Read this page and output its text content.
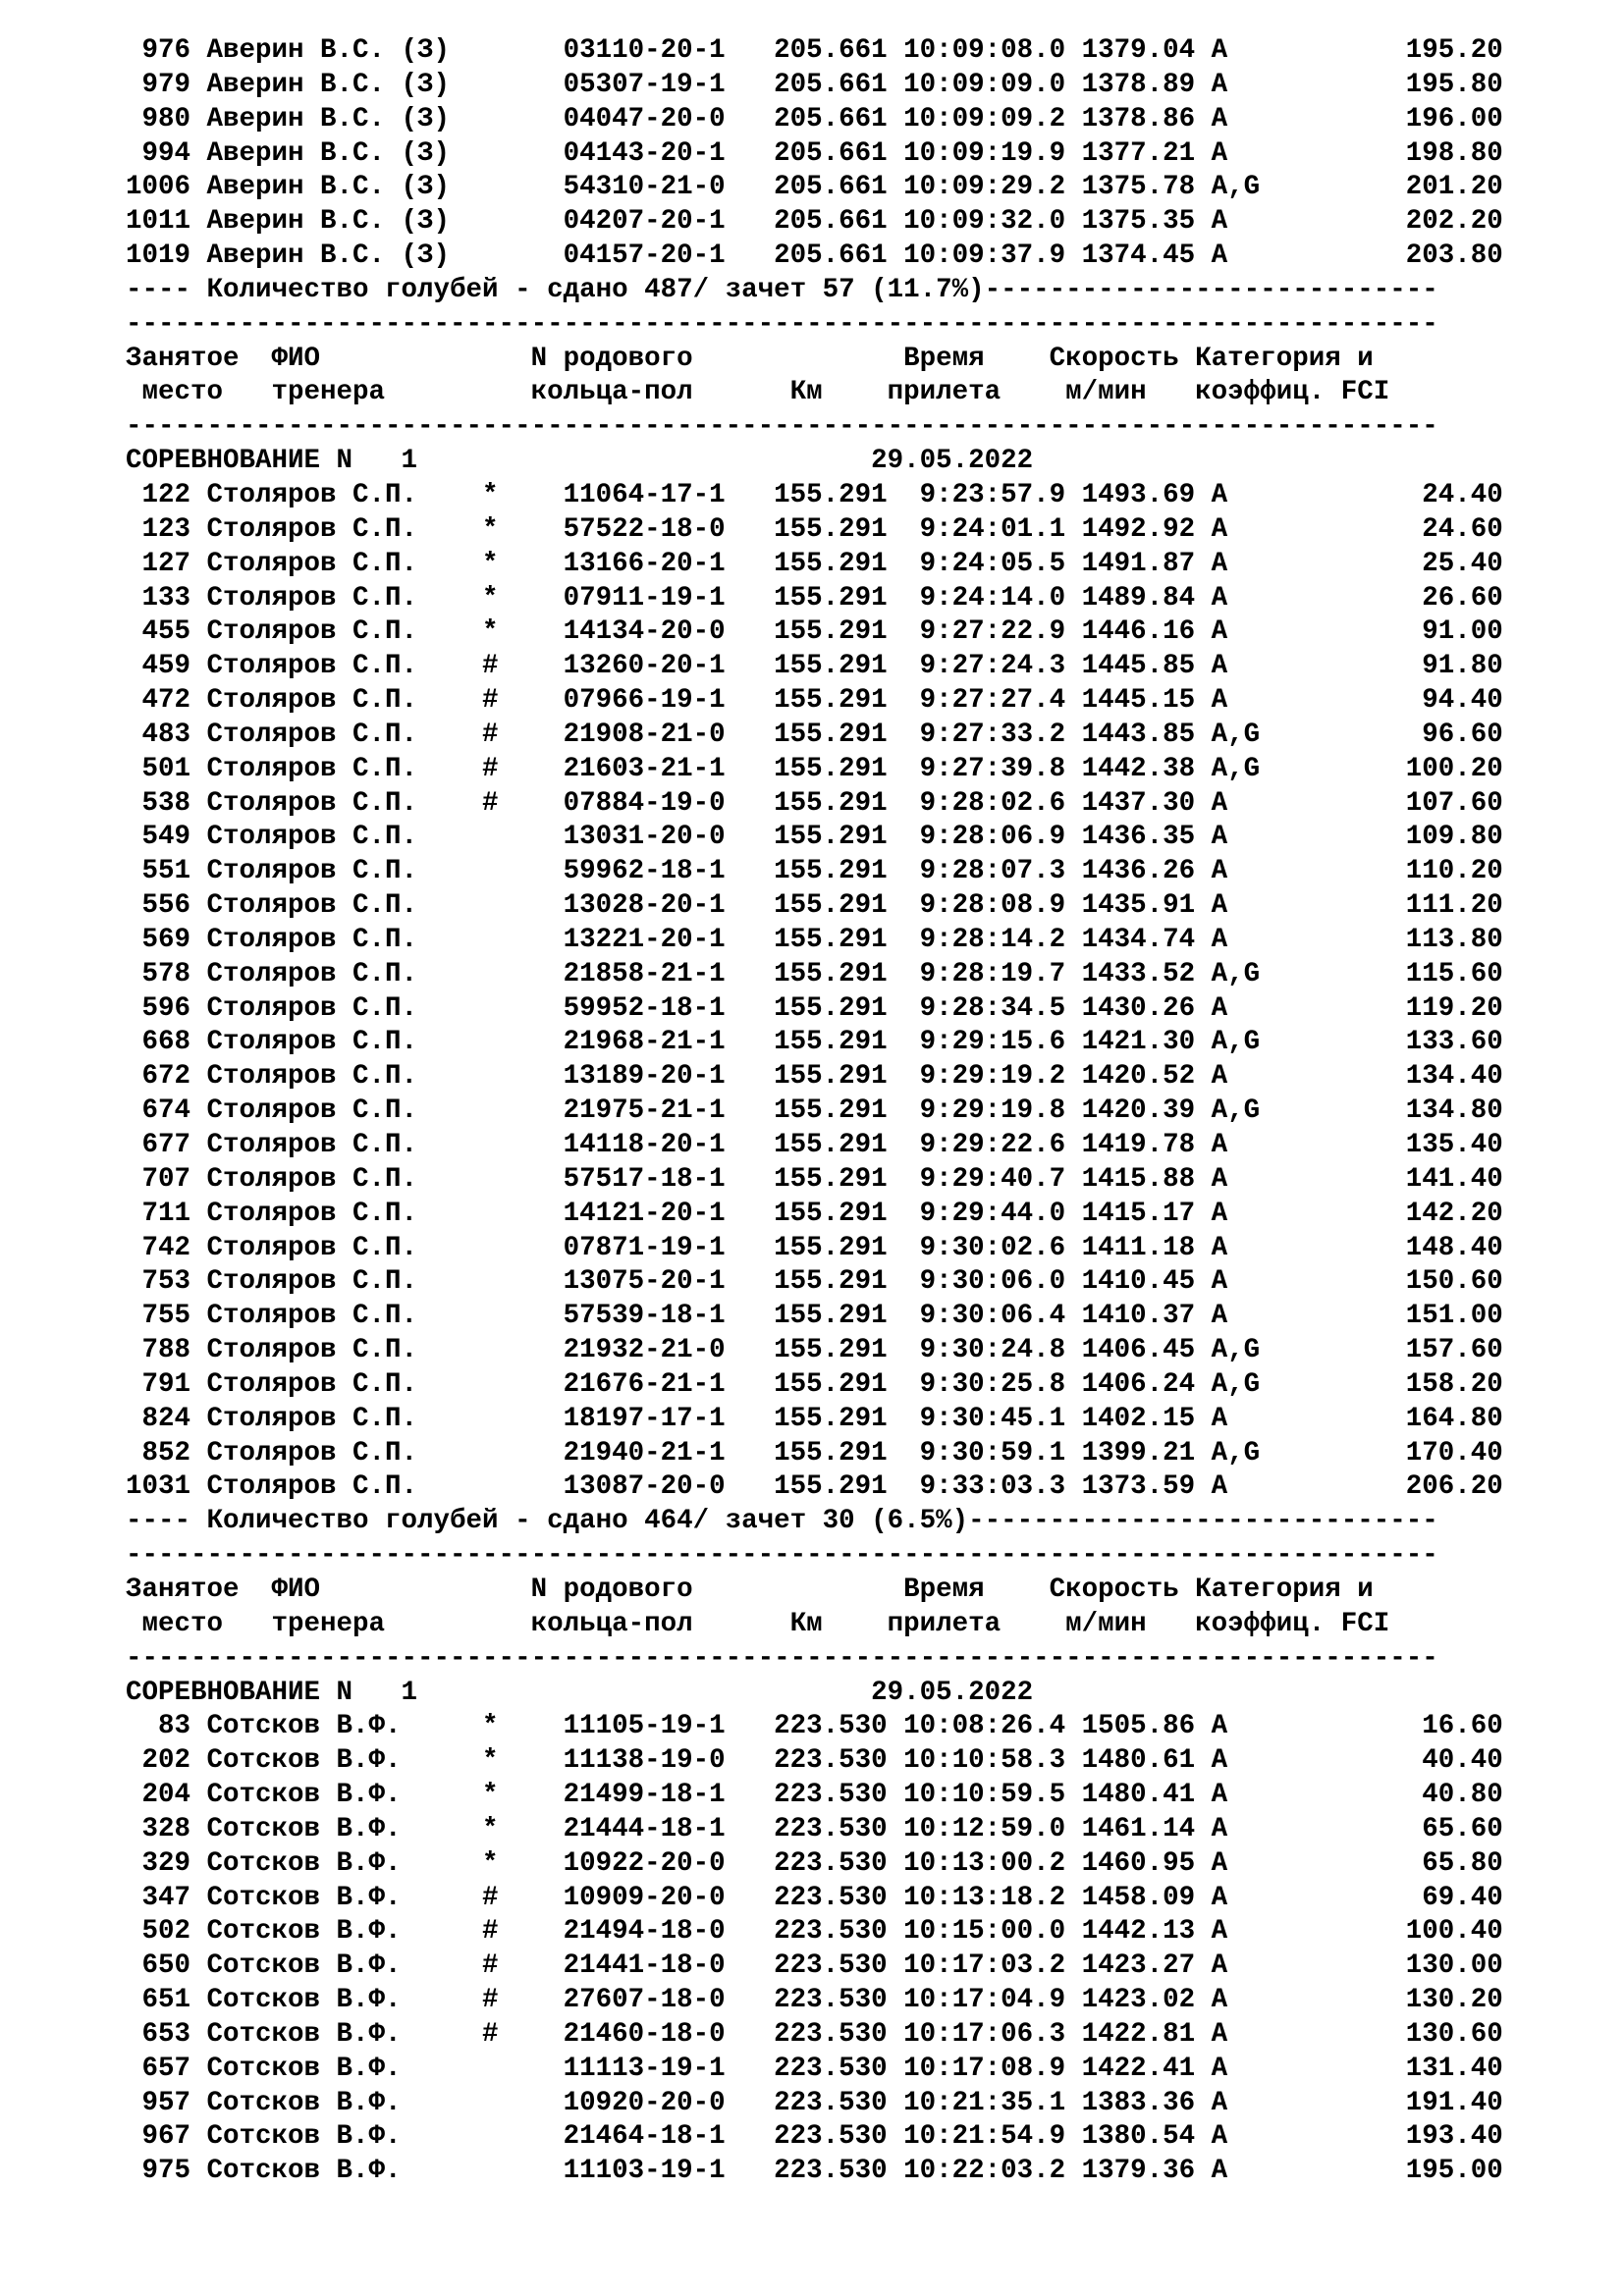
976 Аверин В.С. (З)       03110-20-1   205.661 10:09:08.0 1379.04 A           195.20
979 Аверин В.С. (З)       05307-19-1   205.661 10:09:09.0 1378.89 A           195.80
980 Аверин В.С. (З)       04047-20-0   205.661 10:09:09.2 1378.86 A           196.00
994 Аверин В.С. (З)       04143-20-1   205.661 10:09:19.9 1377.21 A           198.80
1006 Аверин В.С. (З)       54310-21-0   205.661 10:09:29.2 1375.78 A,G         201.20
1011 Аверин В.С. (З)       04207-20-1   205.661 10:09:32.0 1375.35 A           202.20
1019 Аверин В.С. (З)       04157-20-1   205.661 10:09:37.9 1374.45 A           203.80
---- Количество голубей - сдано 487/ зачет 57 (11.7%)----------------------------
---------------------------------------------------------------------------------
Занятое  ФИО             N родового             Время    Скорость Категория и
место   тренера         кольца-пол      Км    прилета    м/мин   коэффиц. FCI
---------------------------------------------------------------------------------
СОРЕВНОВАНИЕ N   1                            29.05.2022
122 Столяров С.П.    *    11064-17-1   155.291  9:23:57.9 1493.69 A            24.40
123 Столяров С.П.    *    57522-18-0   155.291  9:24:01.1 1492.92 A            24.60
127 Столяров С.П.    *    13166-20-1   155.291  9:24:05.5 1491.87 A            25.40
133 Столяров С.П.    *    07911-19-1   155.291  9:24:14.0 1489.84 A            26.60
455 Столяров С.П.    *    14134-20-0   155.291  9:27:22.9 1446.16 A            91.00
459 Столяров С.П.    #    13260-20-1   155.291  9:27:24.3 1445.85 A            91.80
472 Столяров С.П.    #    07966-19-1   155.291  9:27:27.4 1445.15 A            94.40
483 Столяров С.П.    #    21908-21-0   155.291  9:27:33.2 1443.85 A,G          96.60
501 Столяров С.П.    #    21603-21-1   155.291  9:27:39.8 1442.38 A,G         100.20
538 Столяров С.П.    #    07884-19-0   155.291  9:28:02.6 1437.30 A           107.60
549 Столяров С.П.         13031-20-0   155.291  9:28:06.9 1436.35 A           109.80
551 Столяров С.П.         59962-18-1   155.291  9:28:07.3 1436.26 A           110.20
556 Столяров С.П.         13028-20-1   155.291  9:28:08.9 1435.91 A           111.20
569 Столяров С.П.         13221-20-1   155.291  9:28:14.2 1434.74 A           113.80
578 Столяров С.П.         21858-21-1   155.291  9:28:19.7 1433.52 A,G         115.60
596 Столяров С.П.         59952-18-1   155.291  9:28:34.5 1430.26 A           119.20
668 Столяров С.П.         21968-21-1   155.291  9:29:15.6 1421.30 A,G         133.60
672 Столяров С.П.         13189-20-1   155.291  9:29:19.2 1420.52 A           134.40
674 Столяров С.П.         21975-21-1   155.291  9:29:19.8 1420.39 A,G         134.80
677 Столяров С.П.         14118-20-1   155.291  9:29:22.6 1419.78 A           135.40
707 Столяров С.П.         57517-18-1   155.291  9:29:40.7 1415.88 A           141.40
711 Столяров С.П.         14121-20-1   155.291  9:29:44.0 1415.17 A           142.20
742 Столяров С.П.         07871-19-1   155.291  9:30:02.6 1411.18 A           148.40
753 Столяров С.П.         13075-20-1   155.291  9:30:06.0 1410.45 A           150.60
755 Столяров С.П.         57539-18-1   155.291  9:30:06.4 1410.37 A           151.00
788 Столяров С.П.         21932-21-0   155.291  9:30:24.8 1406.45 A,G         157.60
791 Столяров С.П.         21676-21-1   155.291  9:30:25.8 1406.24 A,G         158.20
824 Столяров С.П.         18197-17-1   155.291  9:30:45.1 1402.15 A           164.80
852 Столяров С.П.         21940-21-1   155.291  9:30:59.1 1399.21 A,G         170.40
1031 Столяров С.П.         13087-20-0   155.291  9:33:03.3 1373.59 A           206.20
---- Количество голубей - сдано 464/ зачет 30 (6.5%)-----------------------------
---------------------------------------------------------------------------------
Занятое  ФИО             N родового             Время    Скорость Категория и
место   тренера         кольца-пол      Км    прилета    м/мин   коэффиц. FCI
---------------------------------------------------------------------------------
СОРЕВНОВАНИЕ N   1                            29.05.2022
83 Сотсков В.Ф.     *    11105-19-1   223.530 10:08:26.4 1505.86 A            16.60
202 Сотсков В.Ф.     *    11138-19-0   223.530 10:10:58.3 1480.61 A            40.40
204 Сотсков В.Ф.     *    21499-18-1   223.530 10:10:59.5 1480.41 A            40.80
328 Сотсков В.Ф.     *    21444-18-1   223.530 10:12:59.0 1461.14 A            65.60
329 Сотсков В.Ф.     *    10922-20-0   223.530 10:13:00.2 1460.95 A            65.80
347 Сотсков В.Ф.     #    10909-20-0   223.530 10:13:18.2 1458.09 A            69.40
502 Сотсков В.Ф.     #    21494-18-0   223.530 10:15:00.0 1442.13 A           100.40
650 Сотсков В.Ф.     #    21441-18-0   223.530 10:17:03.2 1423.27 A           130.00
651 Сотсков В.Ф.     #    27607-18-0   223.530 10:17:04.9 1423.02 A           130.20
653 Сотсков В.Ф.     #    21460-18-0   223.530 10:17:06.3 1422.81 A           130.60
657 Сотсков В.Ф.          11113-19-1   223.530 10:17:08.9 1422.41 A           131.40
957 Сотсков В.Ф.          10920-20-0   223.530 10:21:35.1 1383.36 A           191.40
967 Сотсков В.Ф.          21464-18-1   223.530 10:21:54.9 1380.54 A           193.40
975 Сотсков В.Ф.          11103-19-1   223.530 10:22:03.2 1379.36 A           195.00
